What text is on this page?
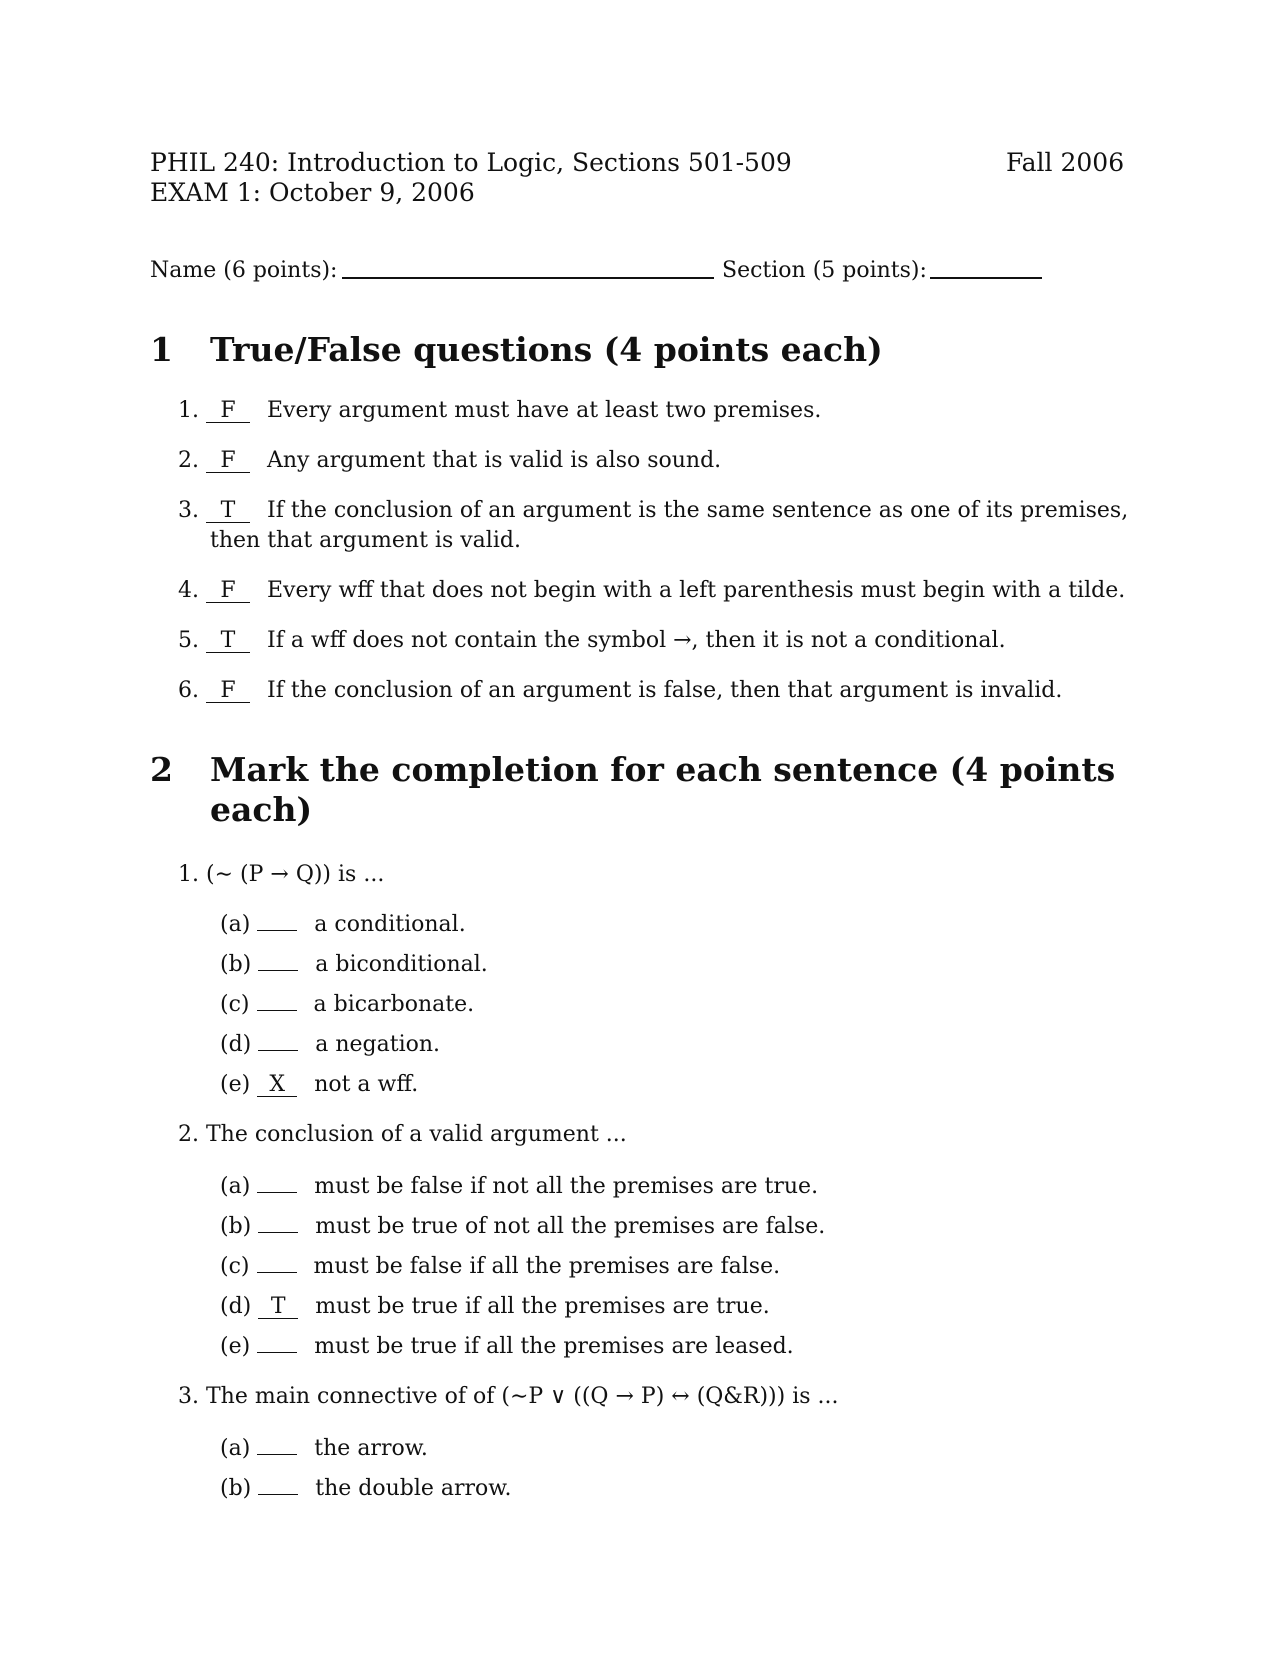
PHIL 240: Introduction to Logic, Sections 501-509
EXAM 1: October 9, 2006
Fall 2006
Name (6 points):	Section (5 points):
1 True/False questions (4 points each)
1. F Every argument must have at least two premises.
2. F Any argument that is valid is also sound.
3. T If the conclusion of an argument is the same sentence as one of its premises,
then that argument is valid.
4. F Every wff that does not begin with a left parenthesis must begin with a tilde.
5. T If a wff does not contain the symbol →, then it is not a conditional.
6. F If the conclusion of an argument is false, then that argument is invalid.
2 Mark the completion for each sentence (4 points
each)
1. (∼ (P → Q)) is ...
(a)	a conditional.
(b)	a biconditional.
(c)	a bicarbonate.
(d)	a negation.
(e) X not a wff.
2. The conclusion of a valid argument ...
(a)	must be false if not all the premises are true.
(b)	must be true of not all the premises are false.
(c)	must be false if all the premises are false.
(d) T must be true if all the premises are true.
(e)	must be true if all the premises are leased.
3. The main connective of of (∼P ∨ ((Q → P) ↔ (Q&R))) is ...
(a)	the arrow.
(b)	the double arrow.
